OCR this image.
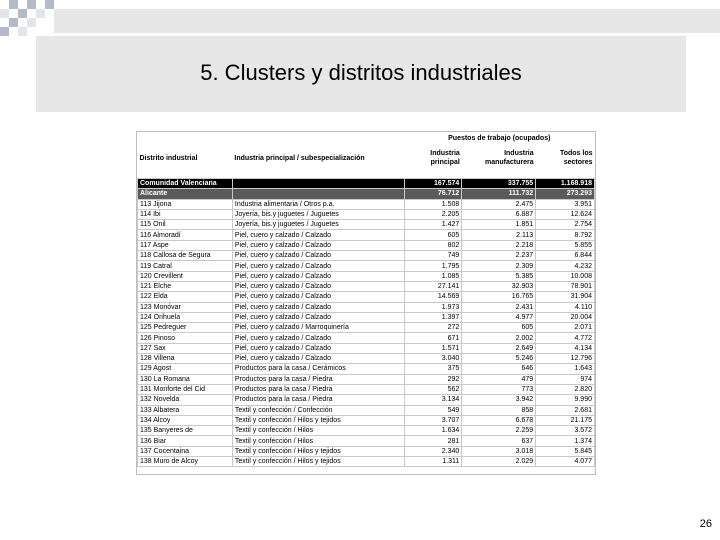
5. Clusters y distritos industriales
		Puestos de trabajo (ocupados)		
Distrito industrial	Industria principal / subespecialización	Industria principal	Industria manufacturera	Todos los sectores

Comunidad Valenciana		167.574	337.755	1.168.918
Alicante		76.712	111.732	273.293
113 Jijona	Industria alimentaria / Otros p.a.	1.508	2.475	3.951
114 Ibi	Joyería, bis.y juguetes / Juguetes	2.205	6.887	12.624
115 Onil	Joyería, bis.y juguetes / Juguetes	1.427	1.851	2.754
116 Almoradí	Piel, cuero y calzado / Calzado	605	2.113	8.792
117 Aspe	Piel, cuero y calzado / Calzado	802	2.218	5.855
118 Callosa de Segura	Piel, cuero y calzado / Calzado	749	2.237	6.844
119 Catral	Piel, cuero y calzado / Calzado	1.795	2.309	4.232
120 Crevillent	Piel, cuero y calzado / Calzado	1.085	5.385	10.008
121 Elche	Piel, cuero y calzado / Calzado	27.141	32.903	78.901
122 Elda	Piel, cuero y calzado / Calzado	14.569	16.765	31.904
123 Monóvar	Piel, cuero y calzado / Calzado	1.973	2.431	4.110
124 Orihuela	Piel, cuero y calzado / Calzado	1.397	4.977	20.004
125 Pedreguer	Piel, cuero y calzado / Marroquinería	272	605	2.071
126 Pinoso	Piel, cuero y calzado / Calzado	671	2.002	4.772
127 Sax	Piel, cuero y calzado / Calzado	1.571	2.649	4.134
128 Villena	Piel, cuero y calzado / Calzado	3.040	5.246	12.796
129 Agost	Productos para la casa / Cerámicos	375	646	1.643
130 La Romana	Productos para la casa / Piedra	292	479	974
131 Monforte del Cid	Productos para la casa / Piedra	562	773	2.820
132 Novelda	Productos para la casa / Piedra	3.134	3.942	9.990
133 Albatera	Textil y confección / Confección	549	858	2.681
134 Alcoy	Textil y confección / Hilos y tejidos	3.707	6.678	21.175
135 Banyeres de	Textil y confección / Hilos	1.634	2.259	3.572
136 Biar	Textil y confección / Hilos	281	637	1.374
137 Cocentaina	Textil y confección / Hilos y tejidos	2.340	3.018	5.845
138 Muro de Alcoy	Textil y confección / Hilos y tejidos	1.311	2.029	4.077
26
